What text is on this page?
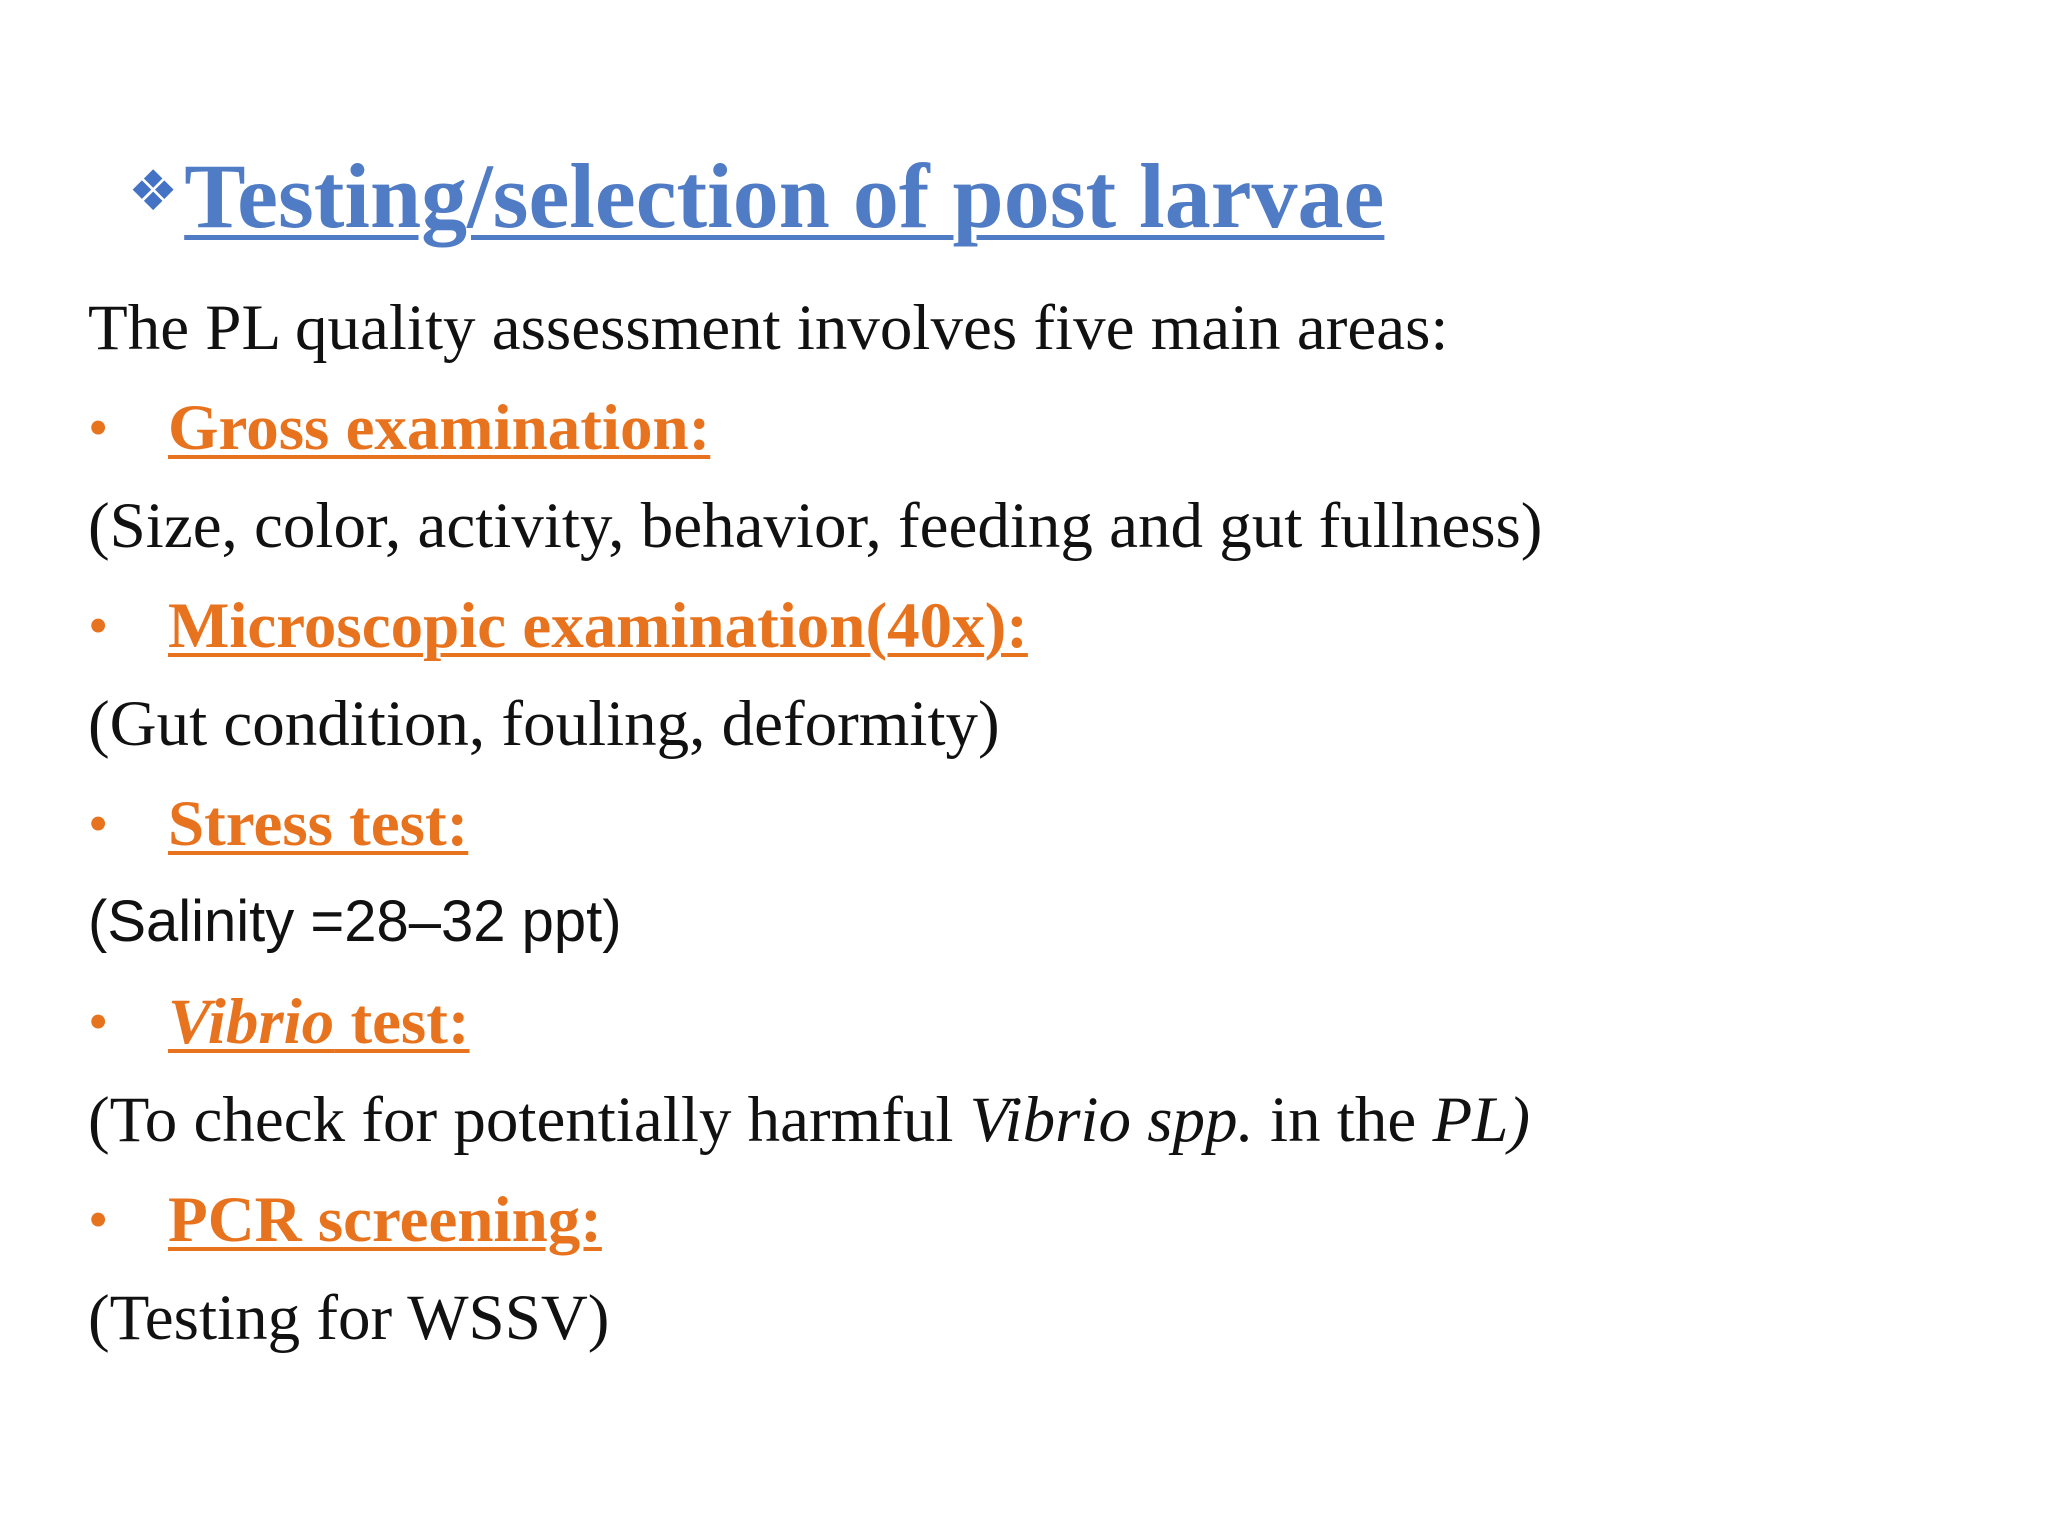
❖ Testing/selection of post larvae
The PL quality assessment involves five main areas:
• Gross examination:
(Size, color, activity, behavior, feeding and gut fullness)
• Microscopic examination(40x):
(Gut condition, fouling, deformity)
• Stress test:
(Salinity =28–32 ppt)
• Vibrio test:
(To check for potentially harmful Vibrio spp. in the PL)
• PCR screening:
(Testing for WSSV)
